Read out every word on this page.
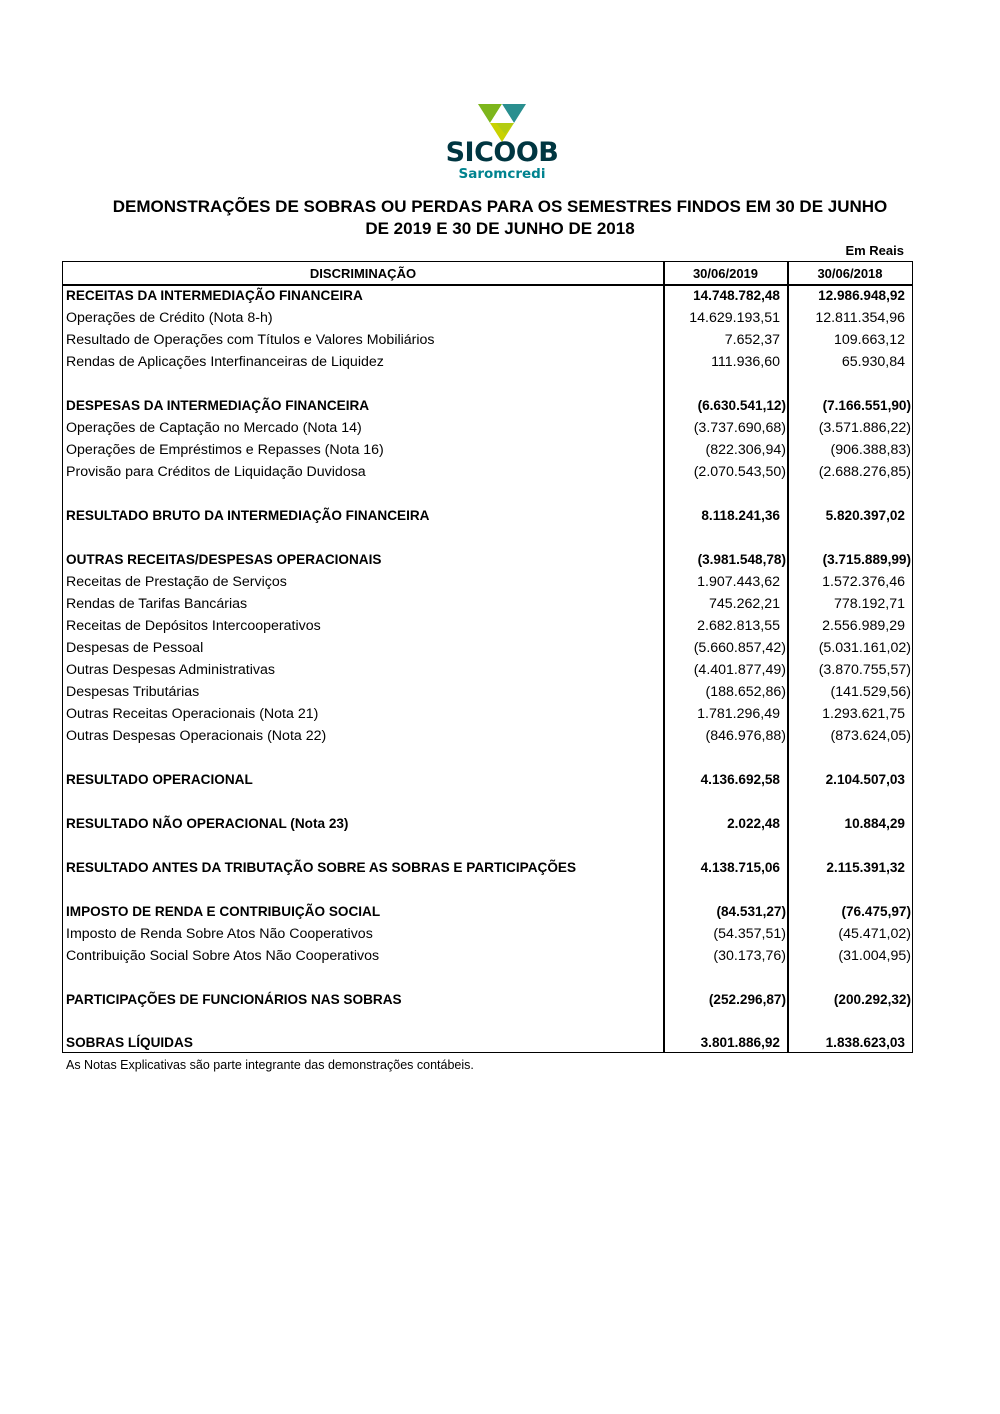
SICOOB
Saromcredi
DEMONSTRAÇÕES DE SOBRAS OU PERDAS PARA OS SEMESTRES FINDOS EM 30 DE JUNHO
DE 2019 E 30 DE JUNHO DE 2018
Em Reais
DISCRIMINAÇÃO	30/06/2019	30/06/2018
RECEITAS DA INTERMEDIAÇÃO FINANCEIRA	14.748.782,48	12.986.948,92
Operações de Crédito (Nota 8-h)	14.629.193,51	12.811.354,96
Resultado de Operações com Títulos e Valores Mobiliários	7.652,37	109.663,12
Rendas de Aplicações Interfinanceiras de Liquidez	111.936,60	65.930,84
DESPESAS DA INTERMEDIAÇÃO FINANCEIRA	(6.630.541,12)	(7.166.551,90)
Operações de Captação no Mercado (Nota 14)	(3.737.690,68)	(3.571.886,22)
Operações de Empréstimos e Repasses (Nota 16)	(822.306,94)	(906.388,83)
Provisão para Créditos de Liquidação Duvidosa	(2.070.543,50)	(2.688.276,85)
RESULTADO BRUTO DA INTERMEDIAÇÃO FINANCEIRA	8.118.241,36	5.820.397,02
OUTRAS RECEITAS/DESPESAS OPERACIONAIS	(3.981.548,78)	(3.715.889,99)
Receitas de Prestação de Serviços	1.907.443,62	1.572.376,46
Rendas de Tarifas Bancárias	745.262,21	778.192,71
Receitas de Depósitos Intercooperativos	2.682.813,55	2.556.989,29
Despesas de Pessoal	(5.660.857,42)	(5.031.161,02)
Outras Despesas Administrativas	(4.401.877,49)	(3.870.755,57)
Despesas Tributárias	(188.652,86)	(141.529,56)
Outras Receitas Operacionais (Nota 21)	1.781.296,49	1.293.621,75
Outras Despesas Operacionais (Nota 22)	(846.976,88)	(873.624,05)
RESULTADO OPERACIONAL	4.136.692,58	2.104.507,03
RESULTADO NÃO OPERACIONAL (Nota 23)	2.022,48	10.884,29
RESULTADO ANTES DA TRIBUTAÇÃO SOBRE AS SOBRAS E PARTICIPAÇÕES	4.138.715,06	2.115.391,32
IMPOSTO DE RENDA E CONTRIBUIÇÃO SOCIAL	(84.531,27)	(76.475,97)
Imposto de Renda Sobre Atos Não Cooperativos	(54.357,51)	(45.471,02)
Contribuição Social Sobre Atos Não Cooperativos	(30.173,76)	(31.004,95)
PARTICIPAÇÕES DE FUNCIONÁRIOS NAS SOBRAS	(252.296,87)	(200.292,32)
SOBRAS LÍQUIDAS	3.801.886,92	1.838.623,03
As Notas Explicativas são parte integrante das demonstrações contábeis.
